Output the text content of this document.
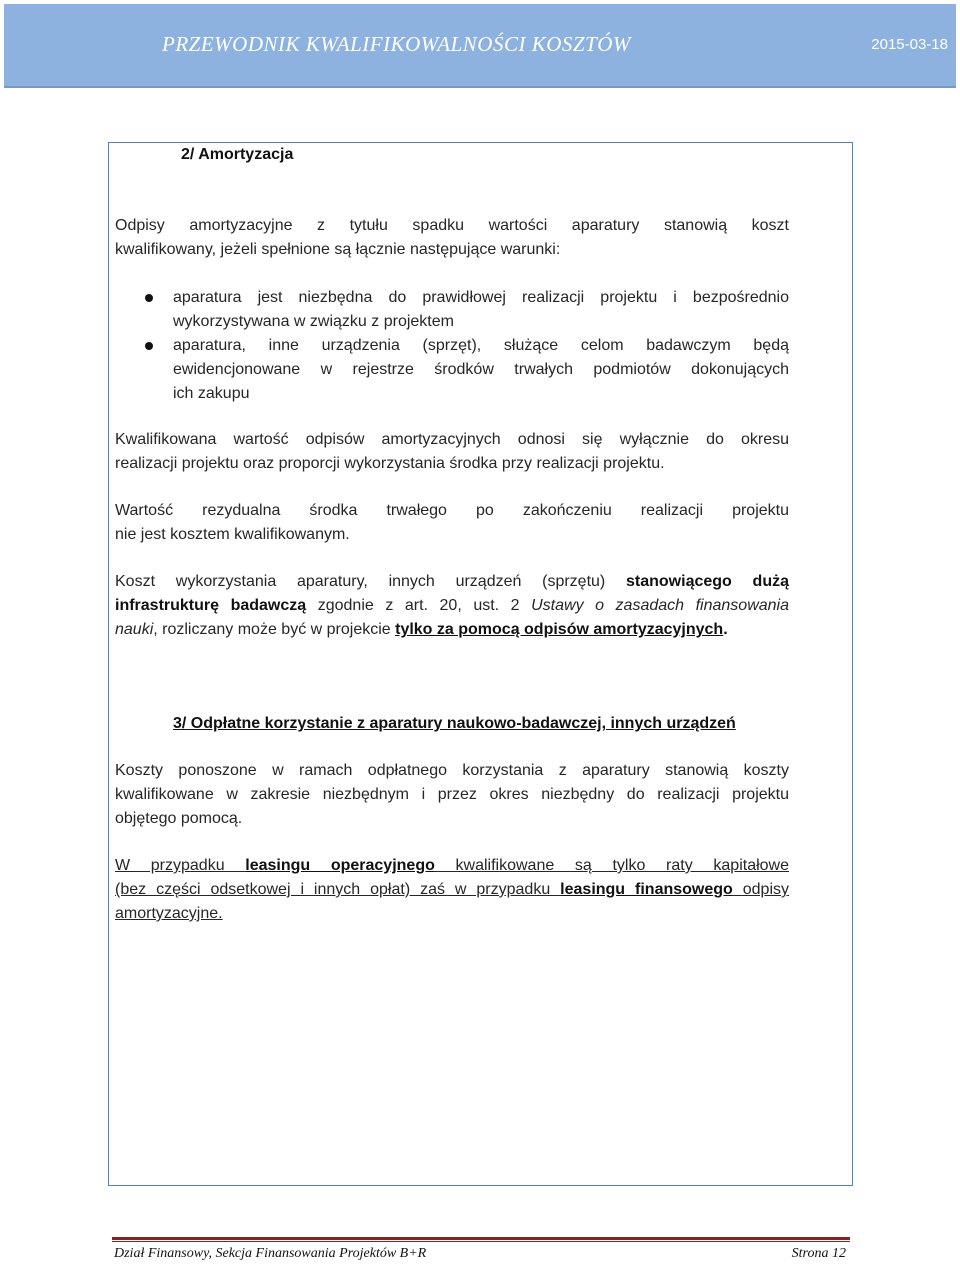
PRZEWODNIK KWALIFIKOWALNOŚCI KOSZTÓW	2015-03-18
2/ Amortyzacja
Odpisy amortyzacyjne z tytułu spadku wartości aparatury stanowią koszt
kwalifikowany, jeżeli spełnione są łącznie następujące warunki:
aparatura jest niezbędna do prawidłowej realizacji projektu i bezpośrednio
wykorzystywana w związku z projektem
aparatura, inne urządzenia (sprzęt), służące celom badawczym będą
ewidencjonowane w rejestrze środków trwałych podmiotów dokonujących
ich zakupu
Kwalifikowana wartość odpisów amortyzacyjnych odnosi się wyłącznie do okresu
realizacji projektu oraz proporcji wykorzystania środka przy realizacji projektu.
Wartość rezydualna środka trwałego po zakończeniu realizacji projektu
nie jest kosztem kwalifikowanym.
Koszt wykorzystania aparatury, innych urządzeń (sprzętu) stanowiącego dużą
infrastrukturę badawczą zgodnie z art. 20, ust. 2 Ustawy o zasadach finansowania
nauki, rozliczany może być w projekcie tylko za pomocą odpisów amortyzacyjnych.
3/ Odpłatne korzystanie z aparatury naukowo-badawczej, innych urządzeń
Koszty ponoszone w ramach odpłatnego korzystania z aparatury stanowią koszty
kwalifikowane w zakresie niezbędnym i przez okres niezbędny do realizacji projektu
objętego pomocą.
W przypadku leasingu operacyjnego kwalifikowane są tylko raty kapitałowe
(bez części odsetkowej i innych opłat) zaś w przypadku leasingu finansowego odpisy
amortyzacyjne.
Dział Finansowy, Sekcja Finansowania Projektów B+R	Strona 12
